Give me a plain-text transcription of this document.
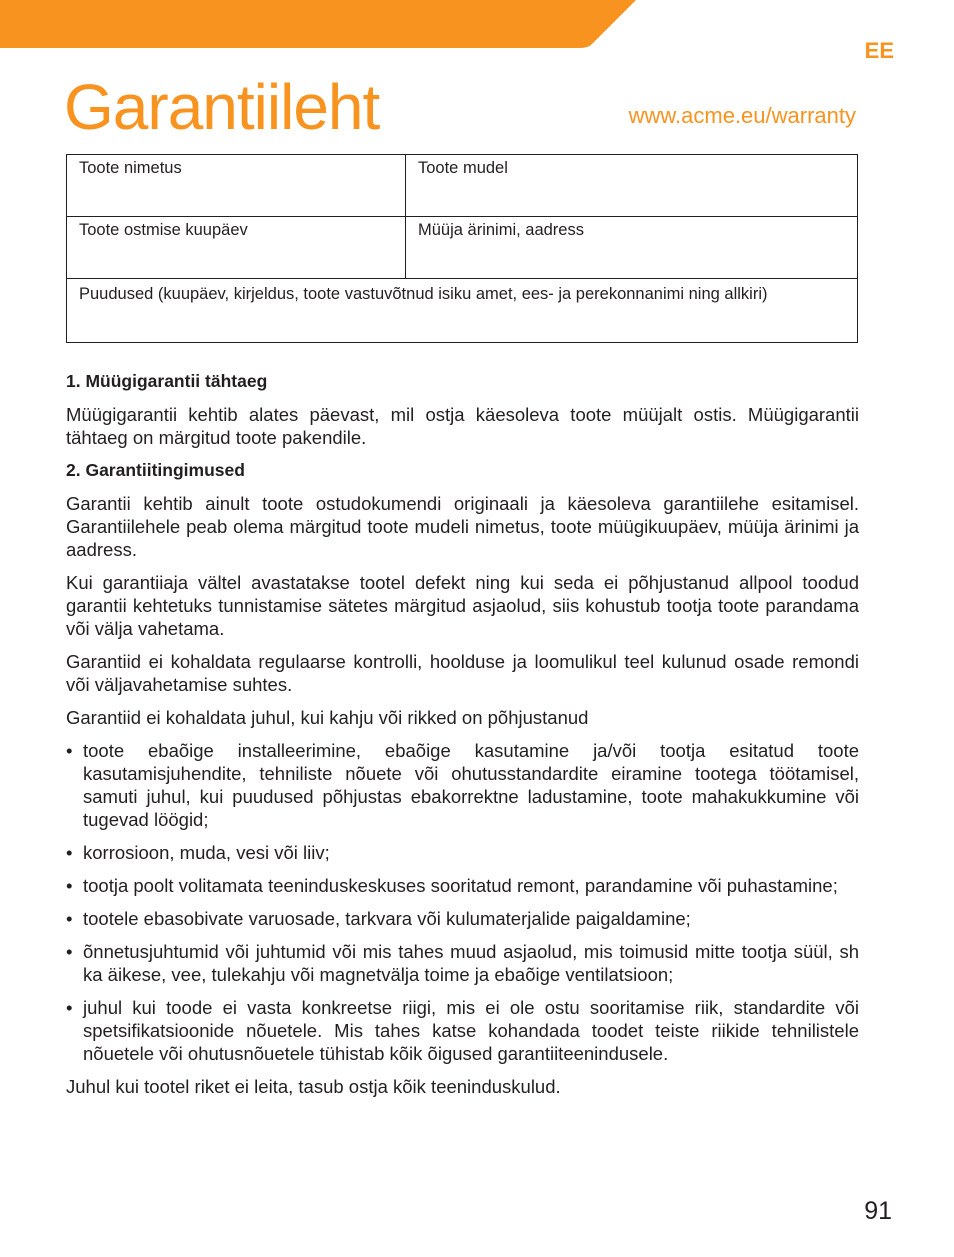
EE
Garantiileht	www.acme.eu/warranty
Toote nimetus	Toote mudel
Toote ostmise kuupäev	Müüja ärinimi, aadress
Puudused (kuupäev, kirjeldus, toote vastuvõtnud isiku amet, ees- ja perekonnanimi ning allkiri)	
1. Müügigarantii tähtaeg

Müügigarantii kehtib alates päevast, mil ostja käesoleva toote müüjalt ostis. Müügigarantii tähtaeg on märgitud toote pakendile.

2. Garantiitingimused

Garantii kehtib ainult toote ostudokumendi originaali ja käesoleva garantiilehe esitamisel. Garantiilehele peab olema märgitud toote mudeli nimetus, toote müügikuupäev, müüja ärinimi ja aadress.

Kui garantiiaja vältel avastatakse tootel defekt ning kui seda ei põhjustanud allpool toodud garantii kehtetuks tunnistamise sätetes märgitud asjaolud, siis kohustub tootja toote parandama või välja vahetama.

Garantiid ei kohaldata regulaarse kontrolli, hoolduse ja loomulikul teel kulunud osade remondi või väljavahetamise suhtes.

Garantiid ei kohaldata juhul, kui kahju või rikked on põhjustanud

• toote ebaõige installeerimine, ebaõige kasutamine ja/või tootja esitatud toote kasutamisjuhendite, tehniliste nõuete või ohutusstandardite eiramine tootega töötamisel, samuti juhul, kui puudused põhjustas ebakorrektne ladustamine, toote mahakukkumine või tugevad löögid;
• korrosioon, muda, vesi või liiv;
• tootja poolt volitamata teeninduskeskuses sooritatud remont, parandamine või puhastamine;
• tootele ebasobivate varuosade, tarkvara või kulumaterjalide paigaldamine;
• õnnetusjuhtumid või juhtumid või mis tahes muud asjaolud, mis toimusid mitte tootja süül, sh ka äikese, vee, tulekahju või magnetvälja toime ja ebaõige ventilatsioon;
• juhul kui toode ei vasta konkreetse riigi, mis ei ole ostu sooritamise riik, standardite või spetsifikatsioonide nõuetele. Mis tahes katse kohandada toodet teiste riikide tehnilistele nõuetele või ohutusnõuetele tühistab kõik õigused garantiiteenindusele.

Juhul kui tootel riket ei leita, tasub ostja kõik teeninduskulud.

91
